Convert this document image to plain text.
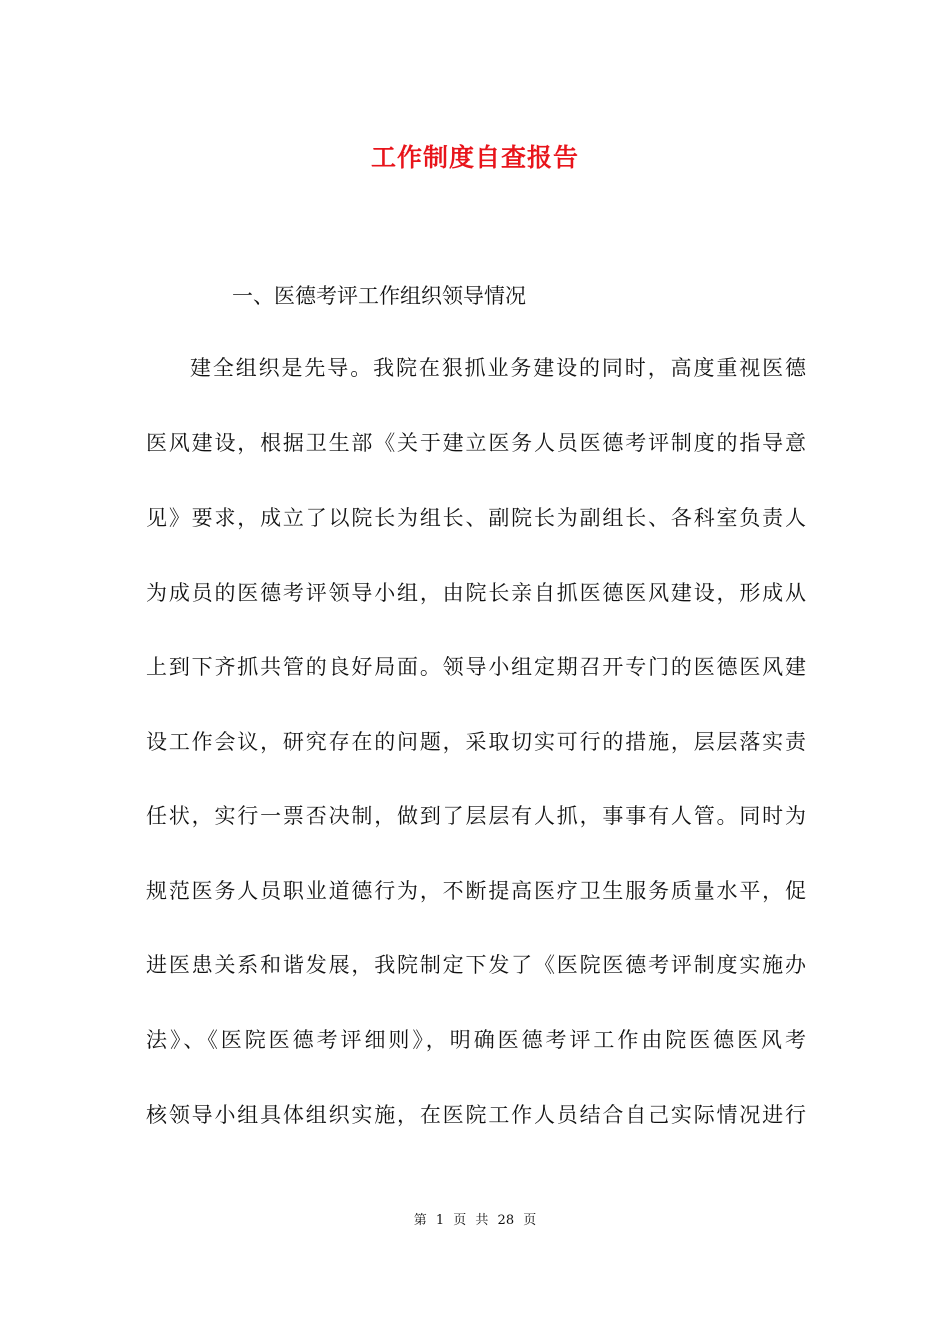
工作制度自查报告
一、医德考评工作组织领导情况
建全组织是先导。我院在狠抓业务建设的同时，高度重视医德
医风建设，根据卫生部《关于建立医务人员医德考评制度的指导意
见》要求，成立了以院长为组长、副院长为副组长、各科室负责人
为成员的医德考评领导小组，由院长亲自抓医德医风建设，形成从
上到下齐抓共管的良好局面。领导小组定期召开专门的医德医风建
设工作会议，研究存在的问题，采取切实可行的措施，层层落实责
任状，实行一票否决制，做到了层层有人抓，事事有人管。同时为
规范医务人员职业道德行为，不断提高医疗卫生服务质量水平，促
进医患关系和谐发展，我院制定下发了《医院医德考评制度实施办
法》、《医院医德考评细则》，明确医德考评工作由院医德医风考
核领导小组具体组织实施，在医院工作人员结合自己实际情况进行
第 1 页 共 28 页
